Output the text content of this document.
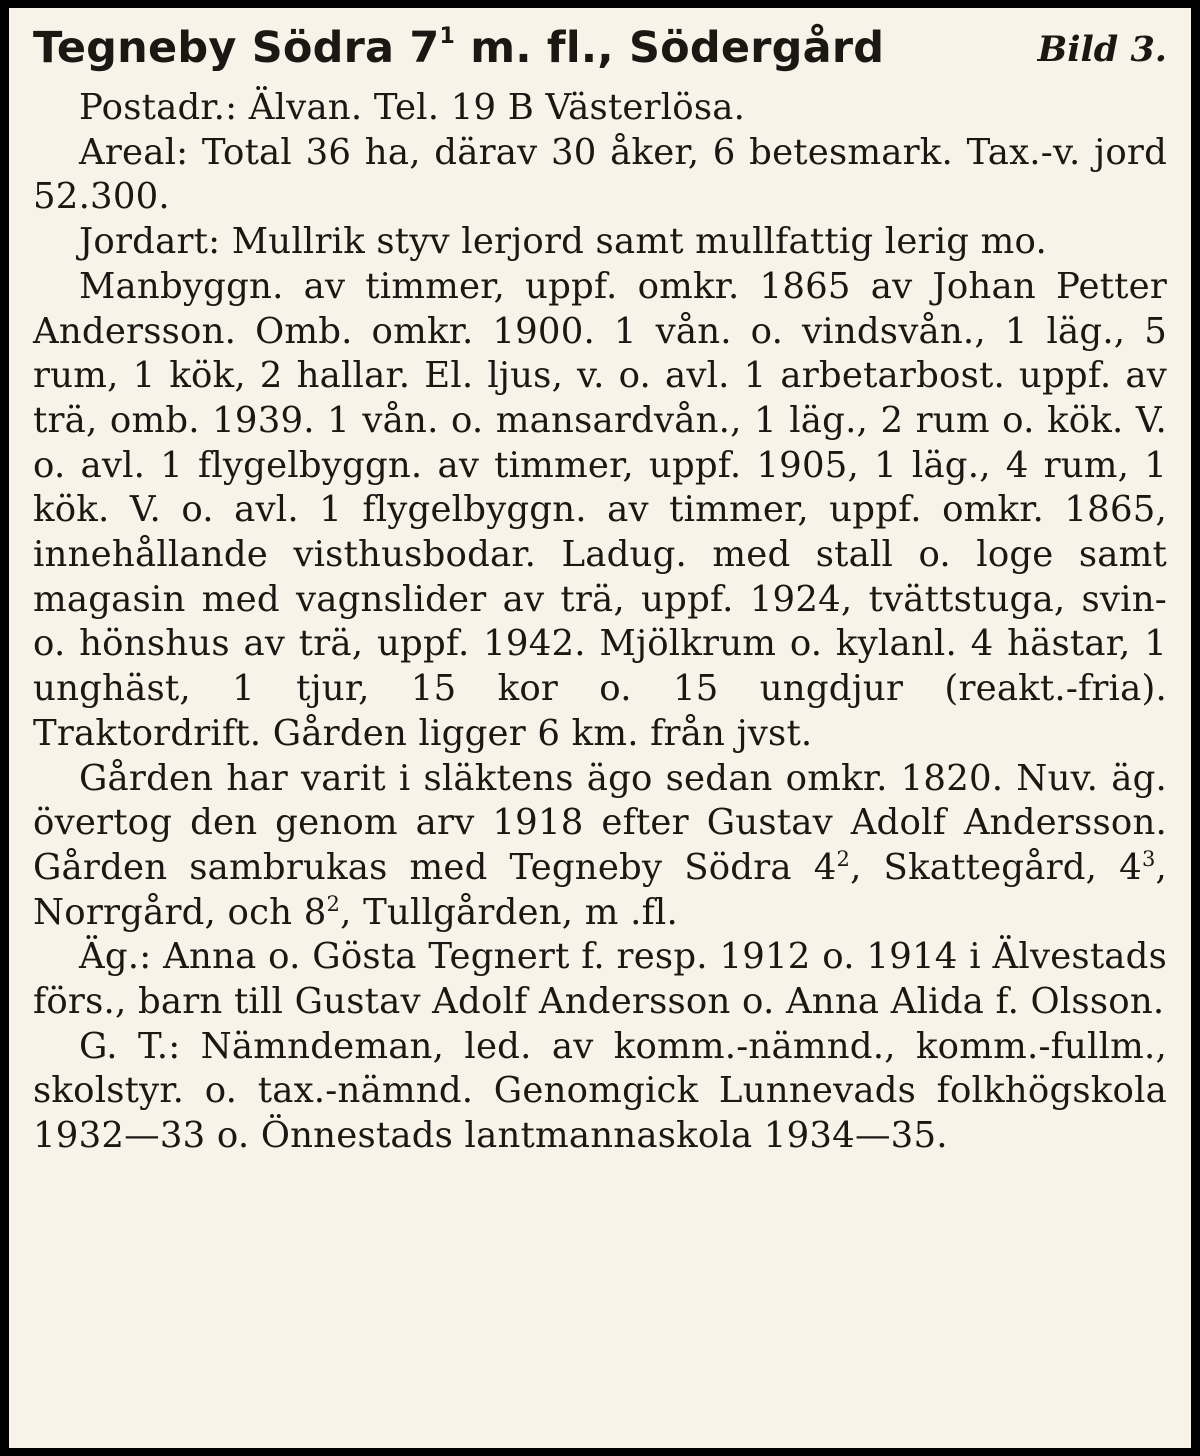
Tegneby Södra $7^1$ m. fl., Södergård	Bild 3.

Postadr.: Älvan. Tel. 19 B Västerlösa.

Areal: Total 36 ha, därav 30 åker, 6 betesmark. Tax.-v. jord 52.300.

Jordart: Mullrik styv lerjord samt mullfattig lerig mo.

Manbyggn. av timmer, uppf. omkr. 1865 av Johan Petter Andersson. Omb. omkr. 1900. 1 vån. o. vindsvån., 1 läg., 5 rum, 1 kök, 2 hallar. El. ljus, v. o. avl. 1 arbetarbost. uppf. av trä, omb. 1939. 1 vån. o. mansardvån., 1 läg., 2 rum o. kök. V. o. avl. 1 flygelbyggn. av timmer, uppf. 1905, 1 läg., 4 rum, 1 kök. V. o. avl. 1 flygelbyggn. av timmer, uppf. omkr. 1865, innehållande visthusbodar. Ladug. med stall o. loge samt magasin med vagnslider av trä, uppf. 1924, tvättstuga, svin- o. hönshus av trä, uppf. 1942. Mjölkrum o. kylanl. 4 hästar, 1 unghäst, 1 tjur, 15 kor o. 15 ungdjur (reakt.-fria). Traktordrift. Gården ligger 6 km. från jvst.

Gården har varit i släktens ägo sedan omkr. 1820. Nuv. äg. övertog den genom arv 1918 efter Gustav Adolf Andersson. Gården sambrukas med Tegneby Södra $4^2$, Skattegård, $4^3$, Norrgård, och $8^2$, Tullgården, m .fl.

Äg.: Anna o. Gösta Tegnert f. resp. 1912 o. 1914 i Älvestads förs., barn till Gustav Adolf Andersson o. Anna Alida f. Olsson.

G. T.: Nämndeman, led. av komm.-nämnd., komm.-fullm., skolstyr. o. tax.-nämnd. Genomgick Lunnevads folkhögskola 1932—33 o. Önnestads lantmannaskola 1934—35.
